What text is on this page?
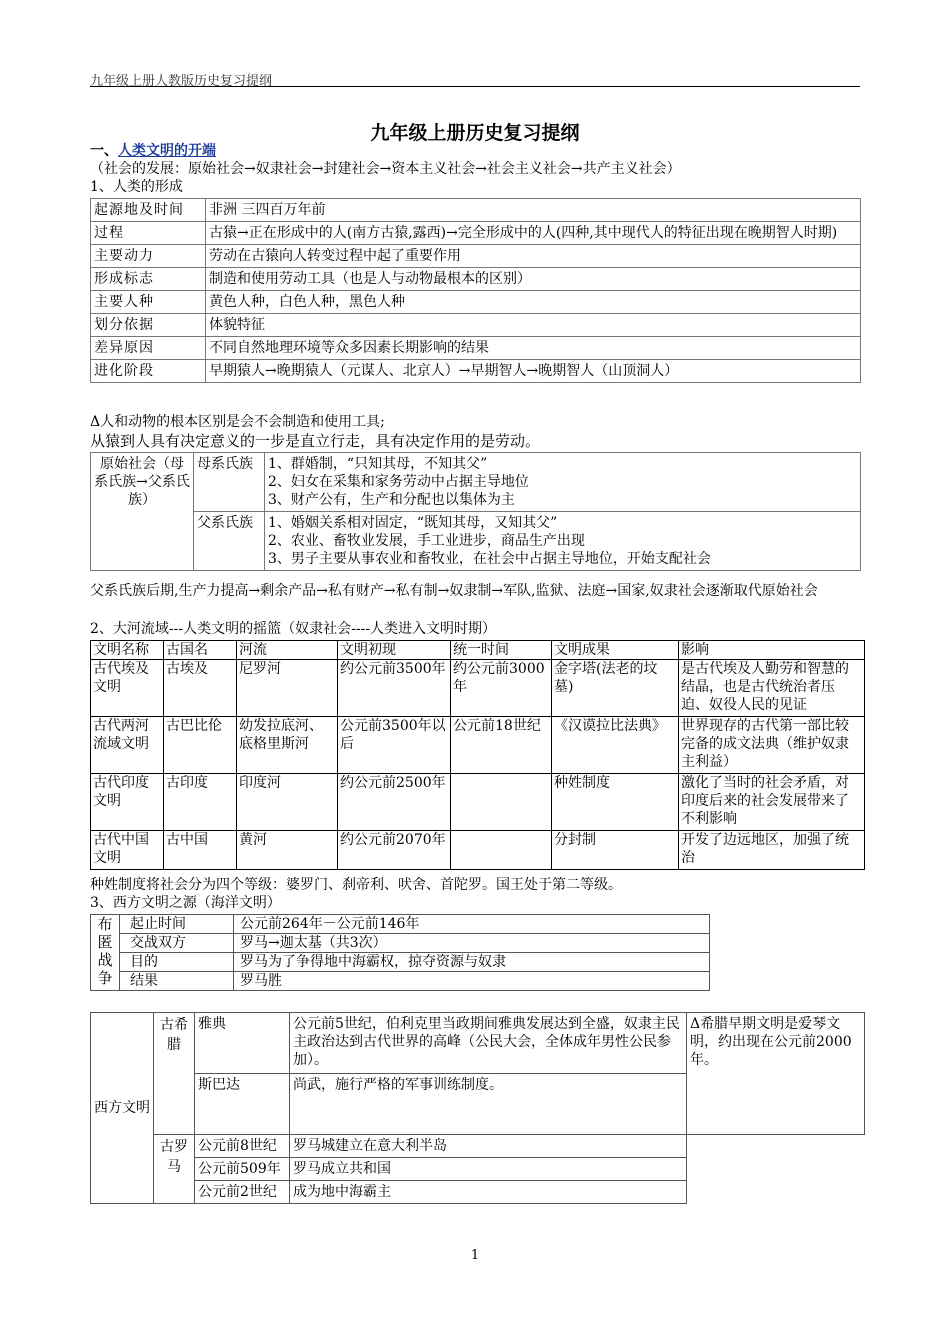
九年级上册人教版历史复习提纲
九年级上册历史复习提纲
一、人类文明的开端
（社会的发展：原始社会→奴隶社会→封建社会→资本主义社会→社会主义社会→共产主义社会）
1、人类的形成
起源地及时间	非洲 三四百万年前
过程	古猿→正在形成中的人(南方古猿,露西)→完全形成中的人(四种,其中现代人的特征出现在晚期智人时期)
主要动力	劳动在古猿向人转变过程中起了重要作用
形成标志	制造和使用劳动工具（也是人与动物最根本的区别）
主要人种	黄色人种，白色人种，黑色人种
划分依据	体貌特征
差异原因	不同自然地理环境等众多因素长期影响的结果
进化阶段	早期猿人→晚期猿人（元谋人、北京人）→早期智人→晚期智人（山顶洞人）
Δ人和动物的根本区别是会不会制造和使用工具;
从猿到人具有决定意义的一步是直立行走，具有决定作用的是劳动。
原始社会（母系氏族→父系氏族）	母系氏族	1、群婚制，“只知其母，不知其父”
2、妇女在采集和家务劳动中占据主导地位
3、财产公有，生产和分配也以集体为主

	父系氏族	1、婚姻关系相对固定，“既知其母，又知其父”
2、农业、畜牧业发展，手工业进步，商品生产出现
3、男子主要从事农业和畜牧业，在社会中占据主导地位，开始支配社会
父系氏族后期,生产力提高→剩余产品→私有财产→私有制→奴隶制→军队,监狱、法庭→国家,奴隶社会逐渐取代原始社会
2、大河流域---人类文明的摇篮（奴隶社会----人类进入文明时期）
文明名称	古国名	河流	文明初现	统一时间	文明成果	影响
古代埃及文明	古埃及	尼罗河	约公元前3500年	约公元前3000年	金字塔(法老的坟墓)	是古代埃及人勤劳和智慧的结晶，也是古代统治者压迫、奴役人民的见证
古代两河流域文明	古巴比伦	幼发拉底河、底格里斯河	公元前3500年以后	公元前18世纪	《汉谟拉比法典》	世界现存的古代第一部比较完备的成文法典（维护奴隶主利益）
古代印度文明	古印度	印度河	约公元前2500年		种姓制度	激化了当时的社会矛盾，对印度后来的社会发展带来了不利影响
古代中国文明	古中国	黄河	约公元前2070年		分封制	开发了边远地区，加强了统治
种姓制度将社会分为四个等级：婆罗门、刹帝利、吠舍、首陀罗。国王处于第二等级。
3、西方文明之源（海洋文明）
布匿战争	起止时间	公元前264年－公元前146年
	交战双方	罗马→迦太基（共3次）
	目的	罗马为了争得地中海霸权，掠夺资源与奴隶
	结果	罗马胜
西方文明	古希腊	雅典	公元前5世纪，伯利克里当政期间雅典发展达到全盛，奴隶主民主政治达到古代世界的高峰（公民大会，全体成年男性公民参加）。	Δ希腊早期文明是爱琴文明，约出现在公元前2000年。
		斯巴达	尚武，施行严格的军事训练制度。	
	古罗马	公元前8世纪	罗马城建立在意大利半岛	
		公元前509年	罗马成立共和国	
		公元前2世纪	成为地中海霸主	
1
